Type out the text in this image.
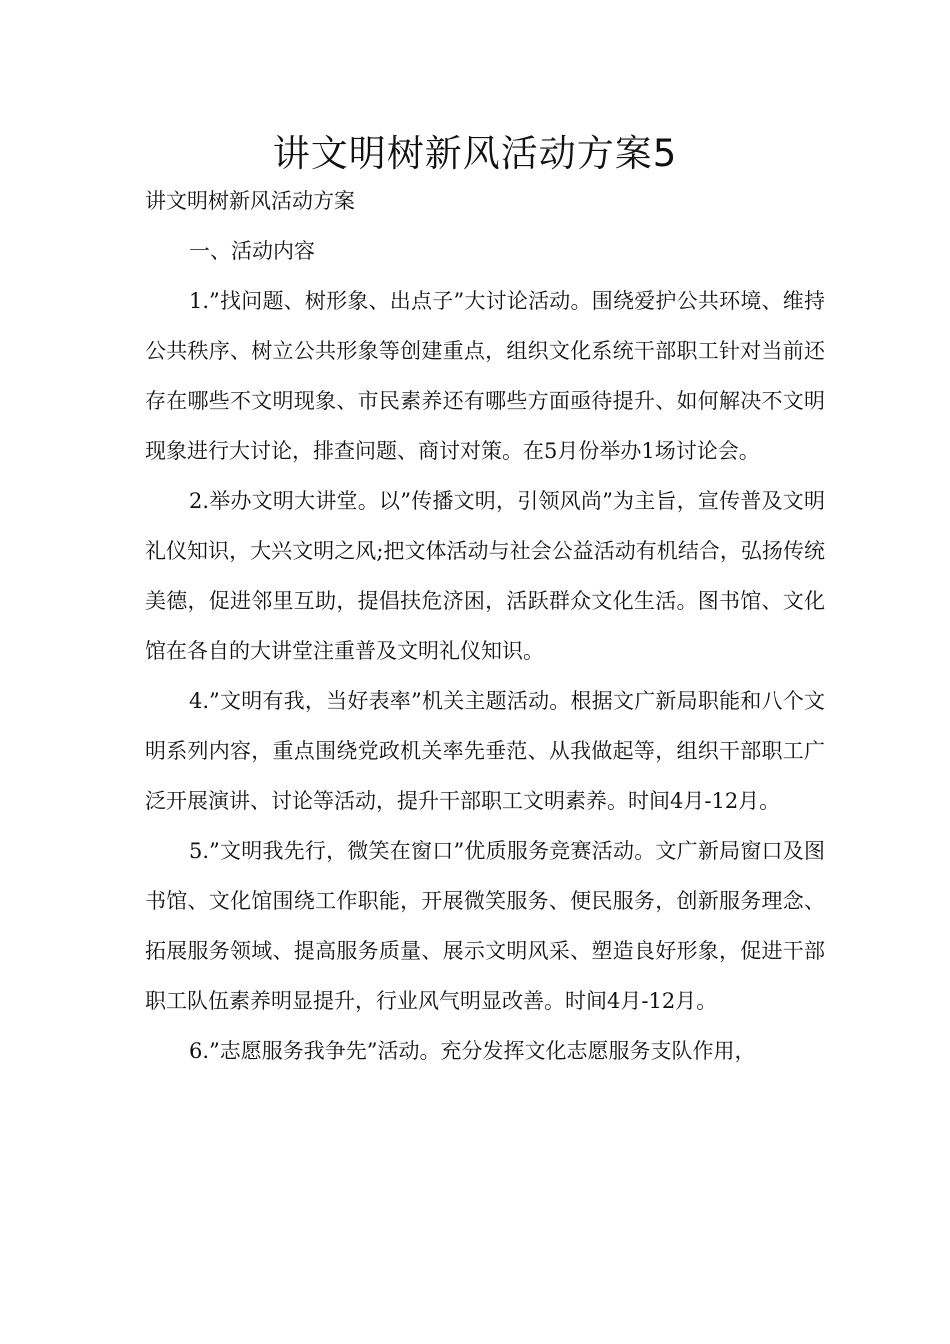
讲文明树新风活动方案5

讲文明树新风活动方案

一、活动内容

1.”找问题、树形象、出点子”大讨论活动。围绕爱护公共环境、维持公共秩序、树立公共形象等创建重点，组织文化系统干部职工针对当前还存在哪些不文明现象、市民素养还有哪些方面亟待提升、如何解决不文明现象进行大讨论，排查问题、商讨对策。在5月份举办1场讨论会。

2.举办文明大讲堂。以”传播文明，引领风尚”为主旨，宣传普及文明礼仪知识，大兴文明之风;把文体活动与社会公益活动有机结合，弘扬传统美德，促进邻里互助，提倡扶危济困，活跃群众文化生活。图书馆、文化馆在各自的大讲堂注重普及文明礼仪知识。

4.”文明有我，当好表率”机关主题活动。根据文广新局职能和八个文明系列内容，重点围绕党政机关率先垂范、从我做起等，组织干部职工广泛开展演讲、讨论等活动，提升干部职工文明素养。时间4月-12月。

5.”文明我先行，微笑在窗口”优质服务竞赛活动。文广新局窗口及图书馆、文化馆围绕工作职能，开展微笑服务、便民服务，创新服务理念、拓展服务领域、提高服务质量、展示文明风采、塑造良好形象，促进干部职工队伍素养明显提升，行业风气明显改善。时间4月-12月。

6.”志愿服务我争先”活动。充分发挥文化志愿服务支队作用，
